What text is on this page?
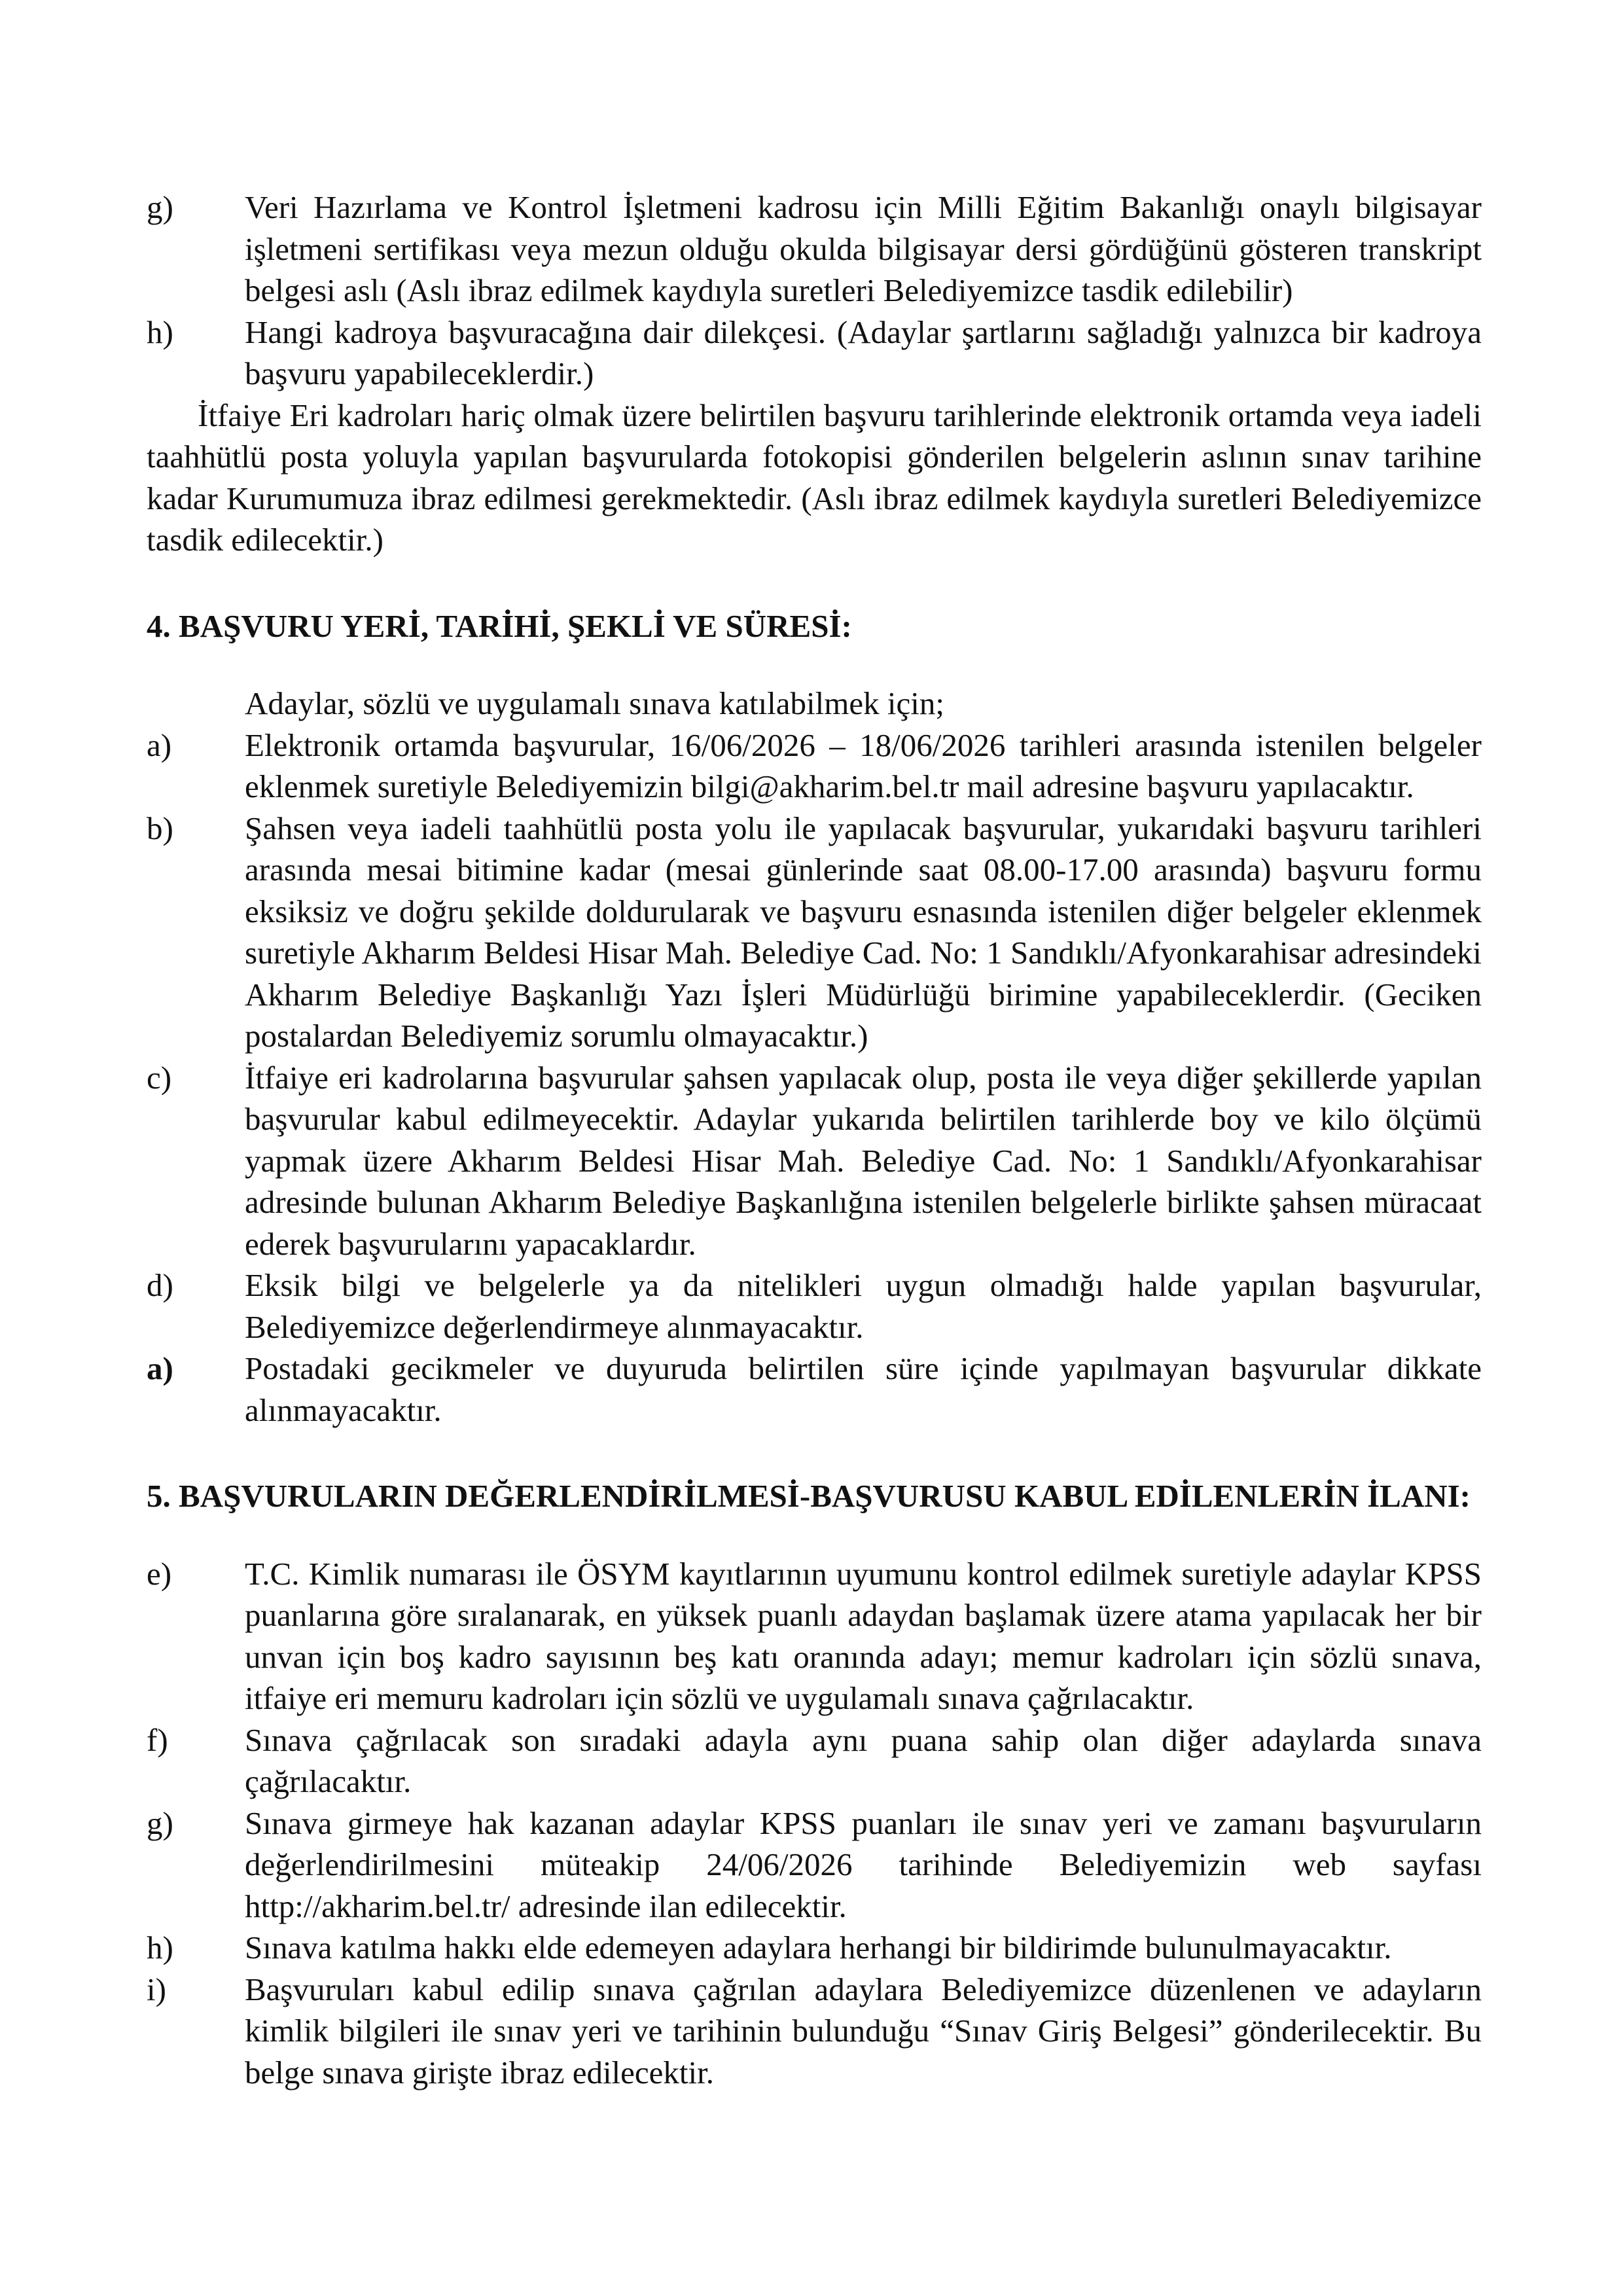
g) Veri Hazırlama ve Kontrol İşletmeni kadrosu için Milli Eğitim Bakanlığı onaylı bilgisayar işletmeni sertifikası veya mezun olduğu okulda bilgisayar dersi gördüğünü gösteren transkript belgesi aslı (Aslı ibraz edilmek kaydıyla suretleri Belediyemizce tasdik edilebilir)
h) Hangi kadroya başvuracağına dair dilekçesi. (Adaylar şartlarını sağladığı yalnızca bir kadroya başvuru yapabileceklerdir.)
İtfaiye Eri kadroları hariç olmak üzere belirtilen başvuru tarihlerinde elektronik ortamda veya iadeli taahhütlü posta yoluyla yapılan başvurularda fotokopisi gönderilen belgelerin aslının sınav tarihine kadar Kurumumuza ibraz edilmesi gerekmektedir. (Aslı ibraz edilmek kaydıyla suretleri Belediyemizce tasdik edilecektir.)
4. BAŞVURU YERİ, TARİHİ, ŞEKLİ VE SÜRESİ:
Adaylar, sözlü ve uygulamalı sınava katılabilmek için;
a) Elektronik ortamda başvurular, 16/06/2026 – 18/06/2026 tarihleri arasında istenilen belgeler eklenmek suretiyle Belediyemizin bilgi@akharim.bel.tr mail adresine başvuru yapılacaktır.
b) Şahsen veya iadeli taahhütlü posta yolu ile yapılacak başvurular, yukarıdaki başvuru tarihleri arasında mesai bitimine kadar (mesai günlerinde saat 08.00-17.00 arasında) başvuru formu eksiksiz ve doğru şekilde doldurularak ve başvuru esnasında istenilen diğer belgeler eklenmek suretiyle Akharım Beldesi Hisar Mah. Belediye Cad. No: 1 Sandıklı/Afyonkarahisar adresindeki Akharım Belediye Başkanlığı Yazı İşleri Müdürlüğü birimine yapabileceklerdir. (Geciken postalardan Belediyemiz sorumlu olmayacaktır.)
c) İtfaiye eri kadrolarına başvurular şahsen yapılacak olup, posta ile veya diğer şekillerde yapılan başvurular kabul edilmeyecektir. Adaylar yukarıda belirtilen tarihlerde boy ve kilo ölçümü yapmak üzere Akharım Beldesi Hisar Mah. Belediye Cad. No: 1 Sandıklı/Afyonkarahisar adresinde bulunan Akharım Belediye Başkanlığına istenilen belgelerle birlikte şahsen müracaat ederek başvurularını yapacaklardır.
d) Eksik bilgi ve belgelerle ya da nitelikleri uygun olmadığı halde yapılan başvurular, Belediyemizce değerlendirmeye alınmayacaktır.
a) Postadaki gecikmeler ve duyuruda belirtilen süre içinde yapılmayan başvurular dikkate alınmayacaktır.
5. BAŞVURULARIN DEĞERLENDİRİLMESİ-BAŞVURUSU KABUL EDİLENLERİN İLANI:
e) T.C. Kimlik numarası ile ÖSYM kayıtlarının uyumunu kontrol edilmek suretiyle adaylar KPSS puanlarına göre sıralanarak, en yüksek puanlı adaydan başlamak üzere atama yapılacak her bir unvan için boş kadro sayısının beş katı oranında adayı; memur kadroları için sözlü sınava, itfaiye eri memuru kadroları için sözlü ve uygulamalı sınava çağrılacaktır.
f) Sınava çağrılacak son sıradaki adayla aynı puana sahip olan diğer adaylarda sınava çağrılacaktır.
g) Sınava girmeye hak kazanan adaylar KPSS puanları ile sınav yeri ve zamanı başvuruların değerlendirilmesini müteakip 24/06/2026 tarihinde Belediyemizin web sayfası http://akharim.bel.tr/ adresinde ilan edilecektir.
h) Sınava katılma hakkı elde edemeyen adaylara herhangi bir bildirimde bulunulmayacaktır.
i) Başvuruları kabul edilip sınava çağrılan adaylara Belediyemizce düzenlenen ve adayların kimlik bilgileri ile sınav yeri ve tarihinin bulunduğu “Sınav Giriş Belgesi” gönderilecektir. Bu belge sınava girişte ibraz edilecektir.
